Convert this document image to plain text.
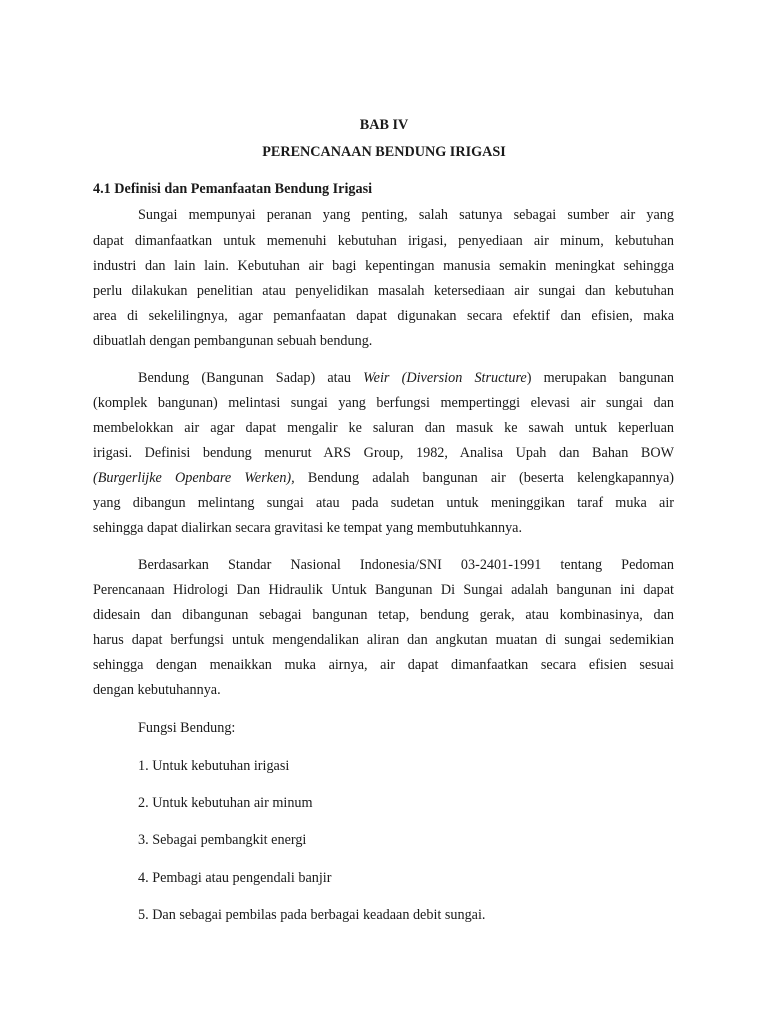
BAB IV
PERENCANAAN BENDUNG IRIGASI
4.1 Definisi dan Pemanfaatan Bendung Irigasi
Sungai mempunyai peranan yang penting, salah satunya sebagai sumber air yang
dapat dimanfaatkan untuk memenuhi kebutuhan irigasi, penyediaan air minum, kebutuhan
industri dan lain lain. Kebutuhan air bagi kepentingan manusia semakin meningkat sehingga
perlu dilakukan penelitian atau penyelidikan masalah ketersediaan air sungai dan kebutuhan
area di sekelilingnya, agar pemanfaatan dapat digunakan secara efektif dan efisien, maka
dibuatlah dengan pembangunan sebuah bendung.
Bendung (Bangunan Sadap) atau Weir (Diversion Structure) merupakan bangunan
(komplek bangunan) melintasi sungai yang berfungsi mempertinggi elevasi air sungai dan
membelokkan air agar dapat mengalir ke saluran dan masuk ke sawah untuk keperluan
irigasi. Definisi bendung menurut ARS Group, 1982, Analisa Upah dan Bahan BOW
(Burgerlijke Openbare Werken), Bendung adalah bangunan air (beserta kelengkapannya)
yang dibangun melintang sungai atau pada sudetan untuk meninggikan taraf muka air
sehingga dapat dialirkan secara gravitasi ke tempat yang membutuhkannya.
Berdasarkan Standar Nasional Indonesia/SNI 03-2401-1991 tentang Pedoman
Perencanaan Hidrologi Dan Hidraulik Untuk Bangunan Di Sungai adalah bangunan ini dapat
didesain dan dibangunan sebagai bangunan tetap, bendung gerak, atau kombinasinya, dan
harus dapat berfungsi untuk mengendalikan aliran dan angkutan muatan di sungai sedemikian
sehingga dengan menaikkan muka airnya, air dapat dimanfaatkan secara efisien sesuai
dengan kebutuhannya.
Fungsi Bendung:
1. Untuk kebutuhan irigasi
2. Untuk kebutuhan air minum
3. Sebagai pembangkit energi
4. Pembagi atau pengendali banjir
5. Dan sebagai pembilas pada berbagai keadaan debit sungai.
